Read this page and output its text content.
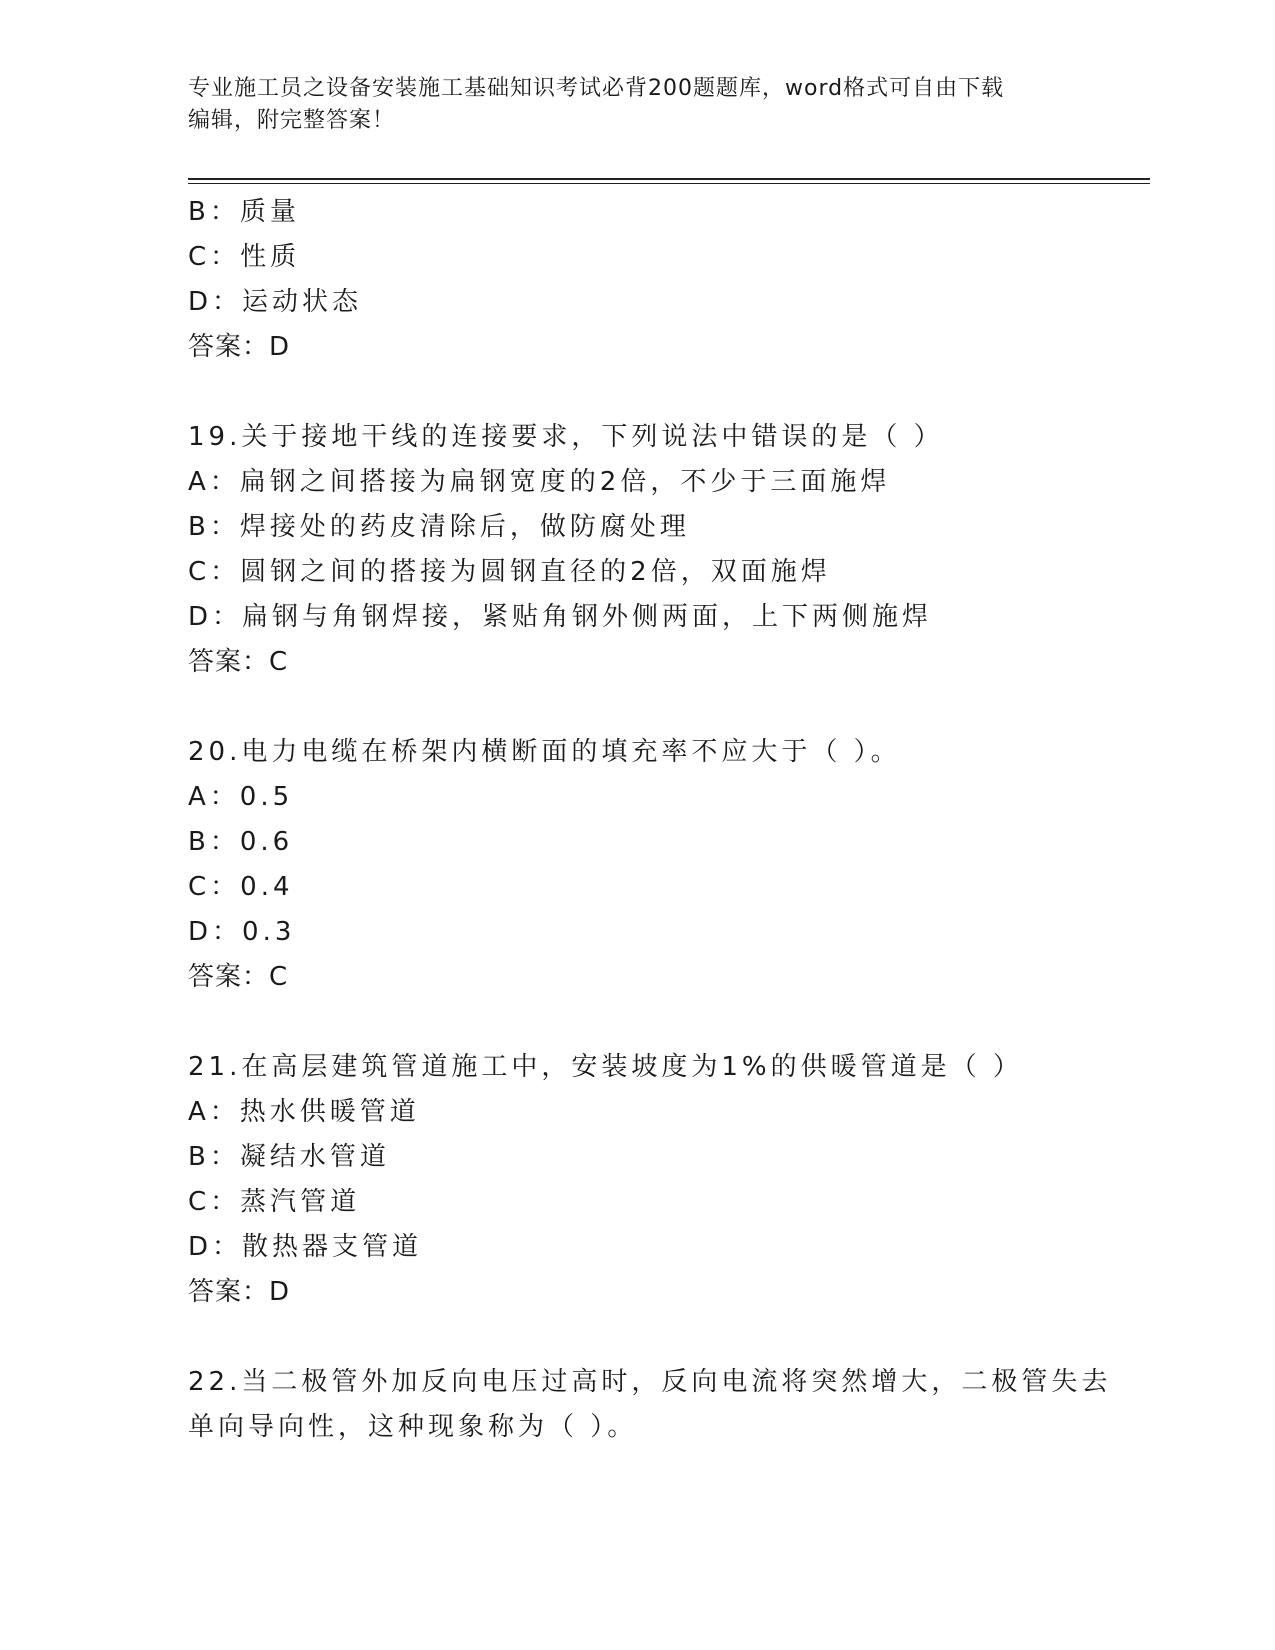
专业施工员之设备安装施工基础知识考试必背200题题库，word格式可自由下载
编辑，附完整答案！
B：质量
C：性质
D：运动状态
答案：D
19.关于接地干线的连接要求，下列说法中错误的是（ ）
A：扁钢之间搭接为扁钢宽度的2倍，不少于三面施焊
B：焊接处的药皮清除后，做防腐处理
C：圆钢之间的搭接为圆钢直径的2倍，双面施焊
D：扁钢与角钢焊接，紧贴角钢外侧两面，上下两侧施焊
答案：C
20.电力电缆在桥架内横断面的填充率不应大于（ ）。
A：0.5
B：0.6
C：0.4
D：0.3
答案：C
21.在高层建筑管道施工中，安装坡度为1%的供暖管道是（ ）
A：热水供暖管道
B：凝结水管道
C：蒸汽管道
D：散热器支管道
答案：D
22.当二极管外加反向电压过高时，反向电流将突然增大，二极管失去
单向导向性，这种现象称为（ ）。
